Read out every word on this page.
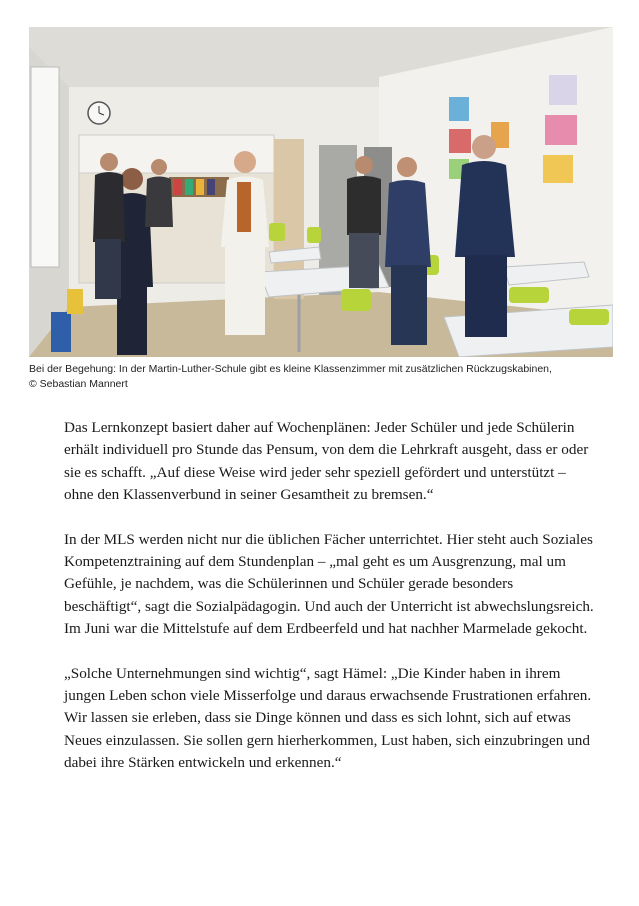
Bei der Begehung: In der Martin-Luther-Schule gibt es kleine Klassenzimmer mit zusätzlichen Rückzugskabinen,
© Sebastian Mannert

Das Lernkonzept basiert daher auf Wochenplänen: Jeder Schüler und jede Schülerin erhält individuell pro Stunde das Pensum, von dem die Lehrkraft ausgeht, dass er oder sie es schafft. „Auf diese Weise wird jeder sehr speziell gefördert und unterstützt – ohne den Klassenverbund in seiner Gesamtheit zu bremsen.“

In der MLS werden nicht nur die üblichen Fächer unterrichtet. Hier steht auch Soziales Kompetenztraining auf dem Stundenplan – „mal geht es um Ausgrenzung, mal um Gefühle, je nachdem, was die Schülerinnen und Schüler gerade besonders beschäftigt“, sagt die Sozialpädagogin. Und auch der Unterricht ist abwechslungsreich. Im Juni war die Mittelstufe auf dem Erdbeerfeld und hat nachher Marmelade gekocht.

„Solche Unternehmungen sind wichtig“, sagt Hämel: „Die Kinder haben in ihrem jungen Leben schon viele Misserfolge und daraus erwachsende Frustrationen erfahren. Wir lassen sie erleben, dass sie Dinge können und dass es sich lohnt, sich auf etwas Neues einzulassen. Sie sollen gern hierherkommen, Lust haben, sich einzubringen und dabei ihre Stärken entwickeln und erkennen.“
